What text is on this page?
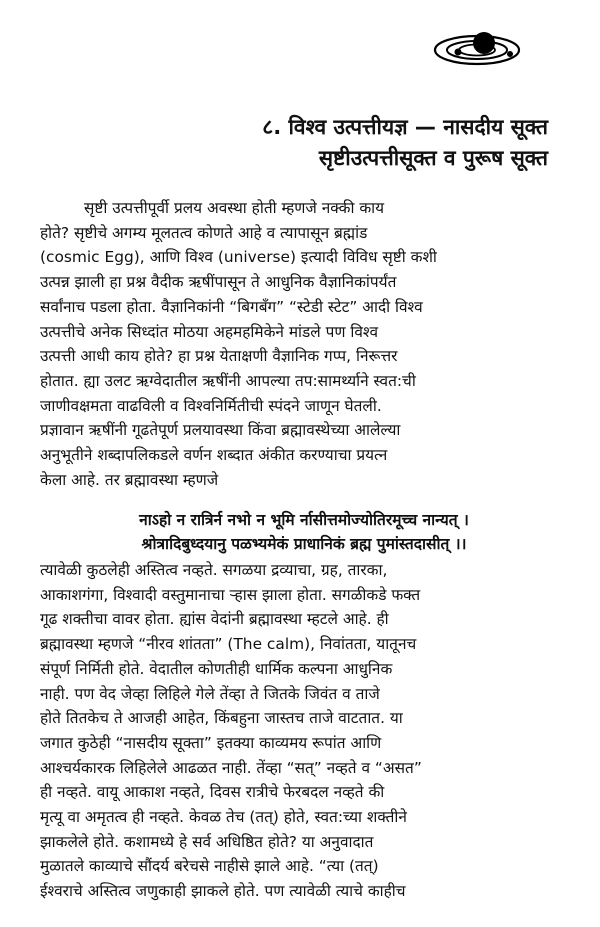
८. विश्व उत्पत्तीयज्ञ — नासदीय सूक्त
सृष्टीउत्पत्तीसूक्त व पुरूष सूक्त
सृष्टी उत्पत्तीपूर्वी प्रलय अवस्था होती म्हणजे नक्की काय
होते? सृष्टीचे अगम्य मूलतत्व कोणते आहे व त्यापासून ब्रह्मांड
(cosmic Egg), आणि विश्व (universe) इत्यादी विविध सृष्टी कशी
उत्पन्न झाली हा प्रश्न वैदीक ऋषींपासून ते आधुनिक वैज्ञानिकांपर्यंत
सर्वांनाच पडला होता. वैज्ञानिकांनी “बिगबँग” “स्टेडी स्टेट” आदी विश्व
उत्पत्तीचे अनेक सिध्दांत मोठया अहमहमिकेने मांडले पण विश्व
उत्पत्ती आधी काय होते? हा प्रश्न येताक्षणी वैज्ञानिक गप्प, निरूत्तर
होतात. ह्या उलट ऋग्वेदातील ऋषींनी आपल्या तप:सामर्थ्याने स्वत:ची
जाणीवक्षमता वाढविली व विश्वनिर्मितीची स्पंदने जाणून घेतली.
प्रज्ञावान ऋषींनी गूढतेपूर्ण प्रलयावस्था किंवा ब्रह्मावस्थेच्या आलेल्या
अनुभूतीने शब्दापलिकडले वर्णन शब्दात अंकीत करण्याचा प्रयत्न
केला आहे. तर ब्रह्मावस्था म्हणजे
नाऽहो न रात्रिर्न नभो न भूमि र्नासीत्तमोज्योतिरमूच्च नान्यत् ।
श्रोत्रादिबुध्दयानु पळभ्यमेकं प्राधानिकं ब्रह्म पुमांस्तदासीत् ।।
त्यावेळी कुठलेही अस्तित्व नव्हते. सगळया द्रव्याचा, ग्रह, तारका,
आकाशगंगा, विश्वादी वस्तुमानाचा ऱ्हास झाला होता. सगळीकडे फक्त
गूढ शक्तीचा वावर होता. ह्यांस वेदांनी ब्रह्मावस्था म्हटले आहे. ही
ब्रह्मावस्था म्हणजे “नीरव शांतता” (The calm), निवांतता, यातूनच
संपूर्ण निर्मिती होते. वेदातील कोणतीही धार्मिक कल्पना आधुनिक
नाही. पण वेद जेव्हा लिहिले गेले तेंव्हा ते जितके जिवंत व ताजे
होते तितकेच ते आजही आहेत, किंबहुना जास्तच ताजे वाटतात. या
जगात कुठेही “नासदीय सूक्ता” इतक्या काव्यमय रूपांत आणि
आश्चर्यकारक लिहिलेले आढळत नाही. तेंव्हा “सत्” नव्हते व “असत”
ही नव्हते. वायू आकाश नव्हते, दिवस रात्रीचे फेरबदल नव्हते की
मृत्यू वा अमृतत्व ही नव्हते. केवळ तेच (तत्) होते, स्वत:च्या शक्तीने
झाकलेले होते. कशामध्ये हे सर्व अधिष्ठित होते? या अनुवादात
मुळातले काव्याचे सौंदर्य बरेचसे नाहीसे झाले आहे. “त्या (तत्)
ईश्वराचे अस्तित्व जणुकाही झाकले होते. पण त्यावेळी त्याचे काहीच
